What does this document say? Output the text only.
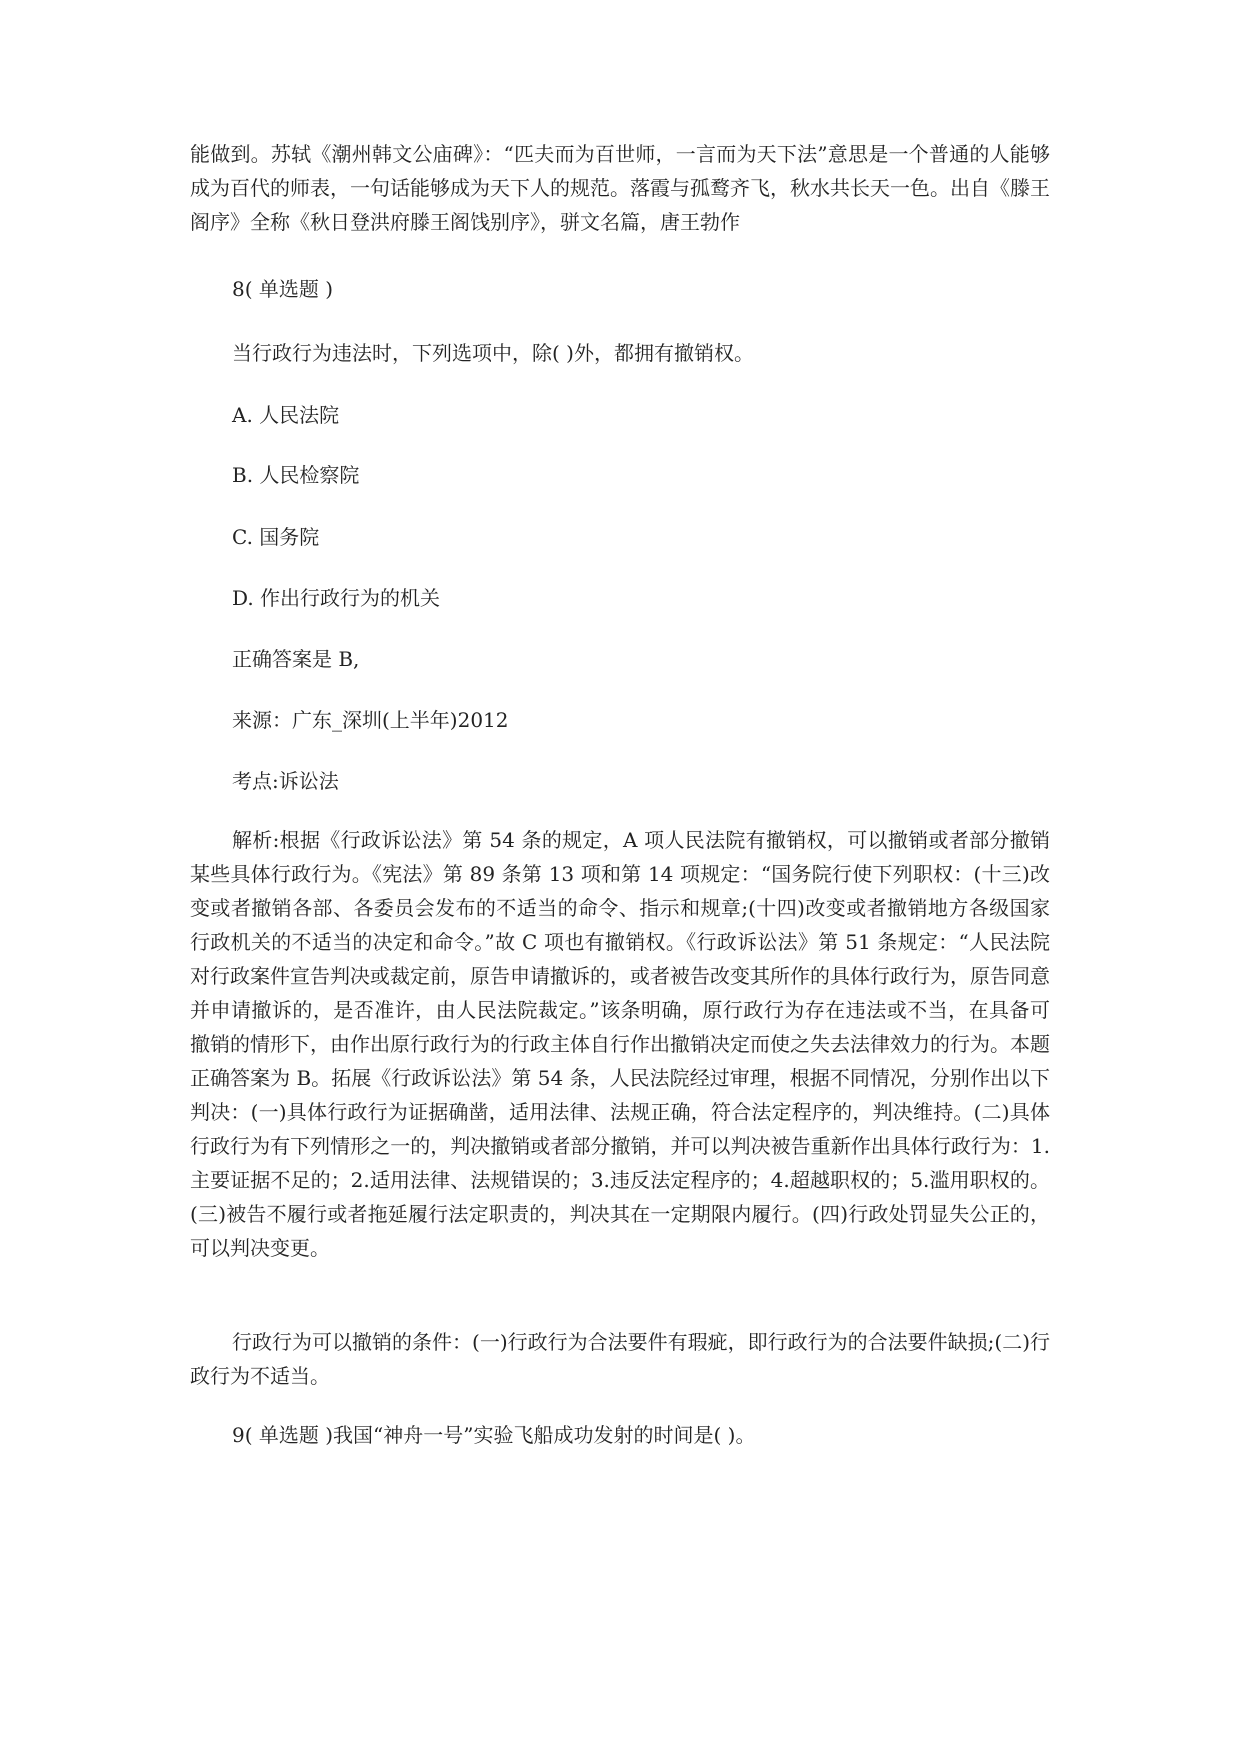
能做到。苏轼《潮州韩文公庙碑》：“匹夫而为百世师，一言而为天下法”意思是一个普通的人能够成为百代的师表，一句话能够成为天下人的规范。落霞与孤鹜齐飞，秋水共长天一色。出自《滕王阁序》全称《秋日登洪府滕王阁饯别序》，骈文名篇，唐王勃作

8( 单选题 )

当行政行为违法时，下列选项中，除( )外，都拥有撤销权。

A. 人民法院

B. 人民检察院

C. 国务院

D. 作出行政行为的机关

正确答案是 B,

来源：广东_深圳(上半年)2012

考点:诉讼法

解析:根据《行政诉讼法》第 54 条的规定，A 项人民法院有撤销权，可以撤销或者部分撤销某些具体行政行为。《宪法》第 89 条第 13 项和第 14 项规定：“国务院行使下列职权：(十三)改变或者撤销各部、各委员会发布的不适当的命令、指示和规章;(十四)改变或者撤销地方各级国家行政机关的不适当的决定和命令。”故 C 项也有撤销权。《行政诉讼法》第 51 条规定：“人民法院对行政案件宣告判决或裁定前，原告申请撤诉的，或者被告改变其所作的具体行政行为，原告同意并申请撤诉的，是否准许，由人民法院裁定。”该条明确，原行政行为存在违法或不当，在具备可撤销的情形下，由作出原行政行为的行政主体自行作出撤销决定而使之失去法律效力的行为。本题正确答案为 B。拓展《行政诉讼法》第 54 条，人民法院经过审理，根据不同情况，分别作出以下判决：(一)具体行政行为证据确凿，适用法律、法规正确，符合法定程序的，判决维持。(二)具体行政行为有下列情形之一的，判决撤销或者部分撤销，并可以判决被告重新作出具体行政行为：1.主要证据不足的；2.适用法律、法规错误的；3.违反法定程序的；4.超越职权的；5.滥用职权的。(三)被告不履行或者拖延履行法定职责的，判决其在一定期限内履行。(四)行政处罚显失公正的，可以判决变更。

行政行为可以撤销的条件：(一)行政行为合法要件有瑕疵，即行政行为的合法要件缺损;(二)行政行为不适当。

9( 单选题 )我国“神舟一号”实验飞船成功发射的时间是( )。
